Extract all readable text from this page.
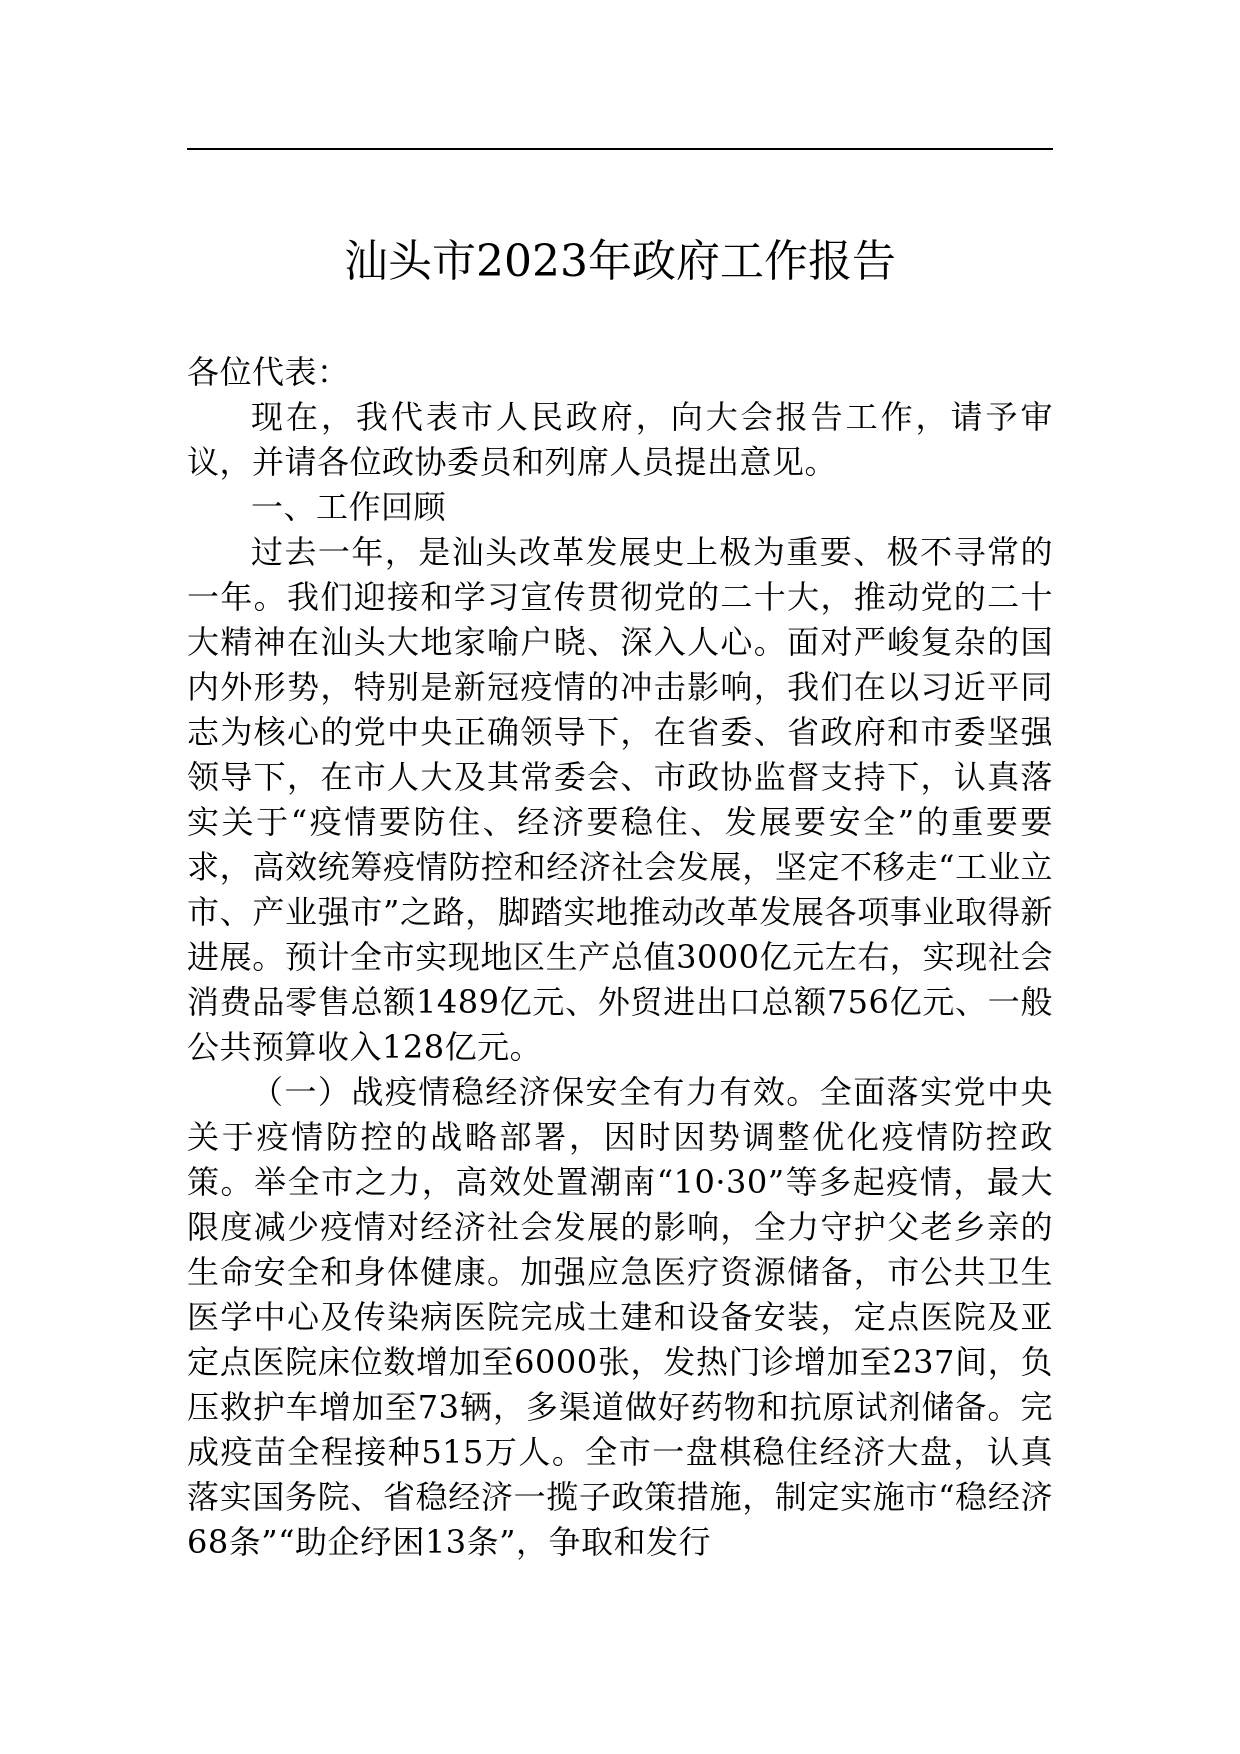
汕头市2023年政府工作报告

各位代表：

现在，我代表市人民政府，向大会报告工作，请予审议，并请各位政协委员和列席人员提出意见。

一、工作回顾

过去一年，是汕头改革发展史上极为重要、极不寻常的一年。我们迎接和学习宣传贯彻党的二十大，推动党的二十大精神在汕头大地家喻户晓、深入人心。面对严峻复杂的国内外形势，特别是新冠疫情的冲击影响，我们在以习近平同志为核心的党中央正确领导下，在省委、省政府和市委坚强领导下，在市人大及其常委会、市政协监督支持下，认真落实关于“疫情要防住、经济要稳住、发展要安全”的重要要求，高效统筹疫情防控和经济社会发展，坚定不移走“工业立市、产业强市”之路，脚踏实地推动改革发展各项事业取得新进展。预计全市实现地区生产总值3000亿元左右，实现社会消费品零售总额1489亿元、外贸进出口总额756亿元、一般公共预算收入128亿元。

（一）战疫情稳经济保安全有力有效。全面落实党中央关于疫情防控的战略部署，因时因势调整优化疫情防控政策。举全市之力，高效处置潮南“10·30”等多起疫情，最大限度减少疫情对经济社会发展的影响，全力守护父老乡亲的生命安全和身体健康。加强应急医疗资源储备，市公共卫生医学中心及传染病医院完成土建和设备安装，定点医院及亚定点医院床位数增加至6000张，发热门诊增加至237间，负压救护车增加至73辆，多渠道做好药物和抗原试剂储备。完成疫苗全程接种515万人。全市一盘棋稳住经济大盘，认真落实国务院、省稳经济一揽子政策措施，制定实施市“稳经济68条”“助企纾困13条”，争取和发行
